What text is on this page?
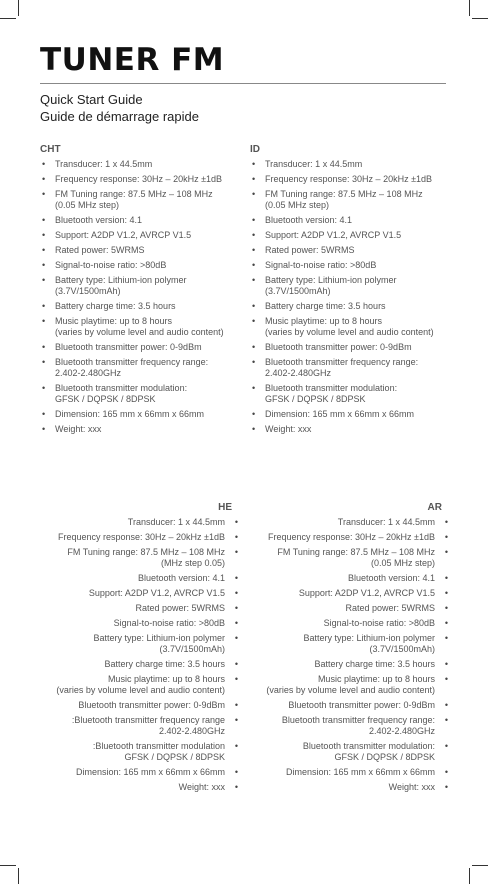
TUNER FM
Quick Start Guide
Guide de démarrage rapide
CHT
• Transducer: 1 x 44.5mm
• Frequency response: 30Hz – 20kHz ±1dB
• FM Tuning range: 87.5 MHz – 108 MHz
(0.05 MHz step)
• Bluetooth version: 4.1
• Support: A2DP V1.2, AVRCP V1.5
• Rated power: 5WRMS
• Signal-to-noise ratio: >80dB
• Battery type: Lithium-ion polymer
(3.7V/1500mAh)
• Battery charge time: 3.5 hours
• Music playtime: up to 8 hours
(varies by volume level and audio content)
• Bluetooth transmitter power: 0-9dBm
• Bluetooth transmitter frequency range:
2.402-2.480GHz
• Bluetooth transmitter modulation:
GFSK / DQPSK / 8DPSK
• Dimension: 165 mm x 66mm x 66mm
• Weight: xxx
ID
• Transducer: 1 x 44.5mm
• Frequency response: 30Hz – 20kHz ±1dB
• FM Tuning range: 87.5 MHz – 108 MHz
(0.05 MHz step)
• Bluetooth version: 4.1
• Support: A2DP V1.2, AVRCP V1.5
• Rated power: 5WRMS
• Signal-to-noise ratio: >80dB
• Battery type: Lithium-ion polymer
(3.7V/1500mAh)
• Battery charge time: 3.5 hours
• Music playtime: up to 8 hours
(varies by volume level and audio content)
• Bluetooth transmitter power: 0-9dBm
• Bluetooth transmitter frequency range:
2.402-2.480GHz
• Bluetooth transmitter modulation:
GFSK / DQPSK / 8DPSK
• Dimension: 165 mm x 66mm x 66mm
• Weight: xxx
HE
Transducer: 1 x 44.5mm •
Frequency response: 30Hz – 20kHz ±1dB •
FM Tuning range: 87.5 MHz – 108 MHz
(MHz step 0.05) •
Bluetooth version: 4.1 •
Support: A2DP V1.2, AVRCP V1.5 •
Rated power: 5WRMS •
Signal-to-noise ratio: >80dB •
Battery type: Lithium-ion polymer
(3.7V/1500mAh) •
Battery charge time: 3.5 hours •
Music playtime: up to 8 hours
(varies by volume level and audio content) •
Bluetooth transmitter power: 0-9dBm •
:Bluetooth transmitter frequency range
2.402-2.480GHz •
:Bluetooth transmitter modulation
GFSK / DQPSK / 8DPSK •
Dimension: 165 mm x 66mm x 66mm •
Weight: xxx •
AR
Transducer: 1 x 44.5mm •
Frequency response: 30Hz – 20kHz ±1dB •
FM Tuning range: 87.5 MHz – 108 MHz
(0.05 MHz step) •
Bluetooth version: 4.1 •
Support: A2DP V1.2, AVRCP V1.5 •
Rated power: 5WRMS •
Signal-to-noise ratio: >80dB •
Battery type: Lithium-ion polymer
(3.7V/1500mAh) •
Battery charge time: 3.5 hours •
Music playtime: up to 8 hours
(varies by volume level and audio content) •
Bluetooth transmitter power: 0-9dBm •
Bluetooth transmitter frequency range:
2.402-2.480GHz •
Bluetooth transmitter modulation:
GFSK / DQPSK / 8DPSK •
Dimension: 165 mm x 66mm x 66mm •
Weight: xxx •
